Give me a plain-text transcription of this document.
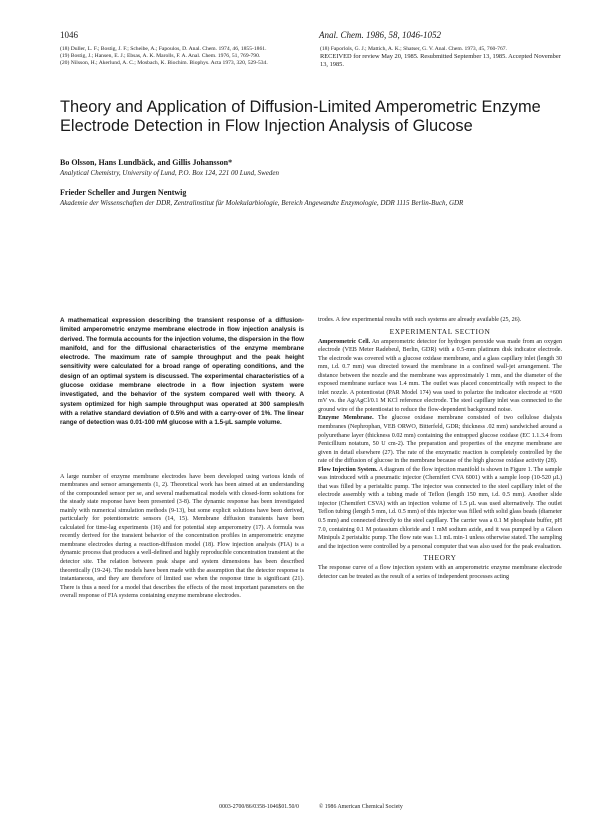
1046	Anal. Chem. 1986, 58, 1046-1052

(18) Duller, L. F.; Bostig, J. F.; Scheibe, A.; Fapoulos, D. Anal. Chem. 1974, 46, 1855-1861.

(19) Bostig, J.; Hansen, E. J.; Ebsas, A. K. Marolls, F. A. Anal. Chem. 1976, 51, 769-790.

(20) Nilsson, H.; Akerlund, A. C.; Mosbach, K. Biochim. Biophys. Acta 1973, 320, 529-534.

(18) Faporlols, G. J.; Mattich, A. K.; Shatser, G. V. Anal. Chem. 1973, 45, 760-767.

RECEIVED for review May 20, 1985. Resubmitted September 13, 1985. Accepted November 13, 1985.

Theory and Application of Diffusion-Limited Amperometric Enzyme Electrode Detection in Flow Injection Analysis of Glucose
Bo Olsson, Hans Lundbäck, and Gillis Johansson*
Analytical Chemistry, University of Lund, P.O. Box 124, 221 00 Lund, Sweden
Frieder Scheller and Jurgen Nentwig
Akademie der Wissenschaften der DDR, Zentralinstitut für Molekularbiologie, Bereich Angewandte Enzymologie, DDR 1115 Berlin-Buch, GDR

A mathematical expression describing the transient response of a diffusion-limited amperometric enzyme membrane electrode in flow injection analysis is derived. The formula accounts for the injection volume, the dispersion in the flow manifold, and for the diffusional characteristics of the enzyme membrane electrode. The maximum rate of sample throughput and the peak height sensitivity were calculated for a broad range of operating conditions, and the design of an optimal system is discussed. The experimental characteristics of a glucose oxidase membrane electrode in a flow injection system were investigated, and the behavior of the system compared well with theory. A system optimized for high sample throughput was operated at 300 samples/h with a relative standard deviation of 0.5% and with a carry-over of 1%. The linear range of detection was 0.01-100 mM glucose with a 1.5-μL sample volume.

A large number of enzyme membrane electrodes have been developed using various kinds of membranes and sensor arrangements (1, 2). Theoretical work has been aimed at an understanding of the compounded sensor per se, and several mathematical models with closed-form solutions for the steady state response have been presented (3-8). The dynamic response has been investigated mainly with numerical simulation methods (9-13), but some explicit solutions have been derived, particularly for potentiometric sensors (14, 15). Membrane diffusion transients have been calculated for time-lag experiments (16) and for potential step amperometry (17). A formula was recently derived for the transient behavior of the concentration profiles in amperometric enzyme membrane electrodes during a reaction-diffusion model (18). Flow injection analysis (FIA) is a dynamic process that produces a well-defined and highly reproducible concentration transient at the detector site. The relation between peak shape and system dimensions has been described theoretically (19-24). The models have been made with the assumption that the detector response is instantaneous, and they are therefore of limited use when the response time is significant (21). There is thus a need for a model that describes the effects of the most important parameters on the overall response of FIA systems containing enzyme membrane electrodes.

trodes. A few experimental results with such systems are already available (25, 26).

EXPERIMENTAL SECTION

Amperometric Cell. An amperometric detector for hydrogen peroxide was made from an oxygen electrode (VEB Meter Radebeul, Berlin, GDR) with a 0.5-mm platinum disk indicator electrode. The electrode was covered with a glucose oxidase membrane, and a glass capillary inlet (length 30 mm, i.d. 0.7 mm) was directed toward the membrane in a confined wall-jet arrangement. The distance between the nozzle and the membrane was approximately 1 mm, and the diameter of the exposed membrane surface was 1.4 mm. The outlet was placed concentrically with respect to the inlet nozzle. A potentiostat (PAR Model 174) was used to polarize the indicator electrode at +600 mV vs. the Ag/AgCl/0.1 M KCl reference electrode. The steel capillary inlet was connected to the ground wire of the potentiostat to reduce the flow-dependent background noise.

Enzyme Membrane. The glucose oxidase membrane consisted of two cellulose dialysis membranes (Nephrophan, VEB ORWO, Bitterfeld, GDR; thickness .02 mm) sandwiched around a polyurethane layer (thickness 0.02 mm) containing the entrapped glucose oxidase (EC 1.1.3.4 from Penicillium notatum, 50 U cm-2). The preparation and properties of the enzyme membrane are given in detail elsewhere (27). The rate of the enzymatic reaction is completely controlled by the rate of the diffusion of glucose in the membrane because of the high glucose oxidase activity (28).

Flow Injection System. A diagram of the flow injection manifold is shown in Figure 1. The sample was introduced with a pneumatic injector (Chemifert CVA 6001) with a sample loop (10-520 μL) that was filled by a peristaltic pump. The injector was connected to the steel capillary inlet of the electrode assembly with a tubing made of Teflon (length 150 mm, i.d. 0.5 mm). Another slide injector (Chemifert CSVA) with an injection volume of 1.5 μL was used alternatively. The outlet Teflon tubing (length 5 mm, i.d. 0.5 mm) of this injector was filled with solid glass beads (diameter 0.5 mm) and connected directly to the steel capillary. The carrier was a 0.1 M phosphate buffer, pH 7.0, containing 0.1 M potassium chloride and 1 mM sodium azide, and it was pumped by a Gilson Minipuls 2 peristaltic pump. The flow rate was 1.1 mL min-1 unless otherwise stated. The sampling and the injection were controlled by a personal computer that was also used for the peak evaluation.

THEORY

The response curve of a flow injection system with an amperometric enzyme membrane electrode detector can be treated as the result of a series of independent processes acting

0003-2700/86/0358-1046$01.50/0	© 1986 American Chemical Society
